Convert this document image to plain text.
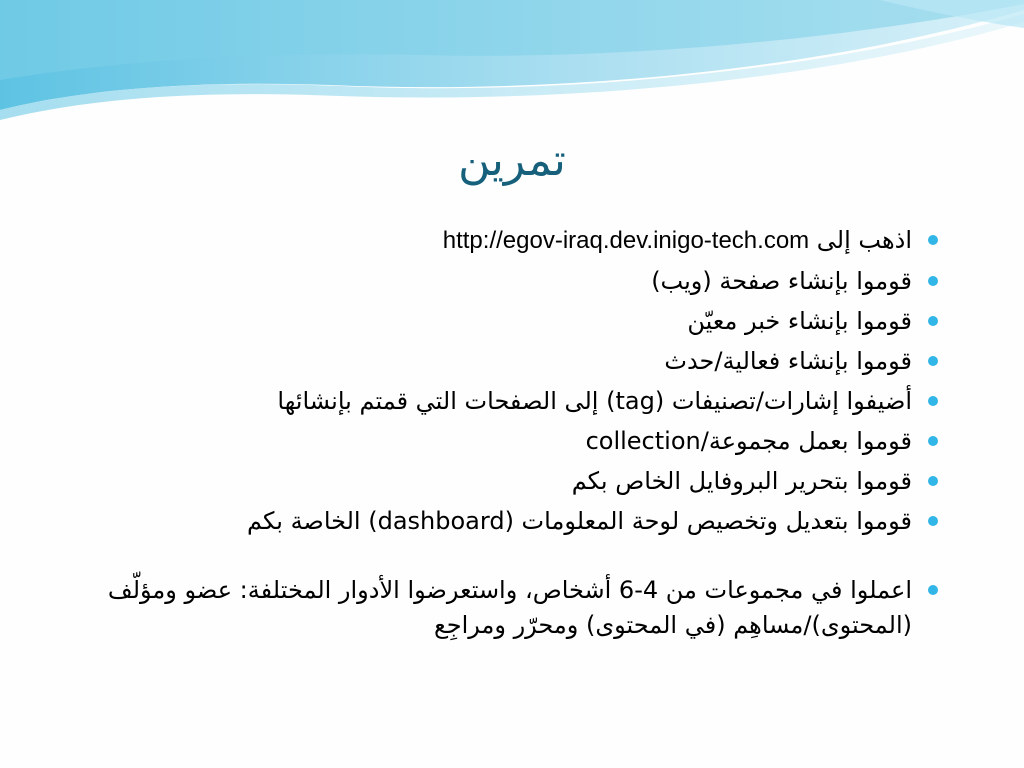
تمرين
اذهب إلى http://egov-iraq.dev.inigo-tech.com
قوموا بإنشاء صفحة (ويب)
قوموا بإنشاء خبر معيّن
قوموا بإنشاء فعالية/حدث
أضيفوا إشارات/تصنيفات (tag) إلى الصفحات التي قمتم بإنشائها
قوموا بعمل مجموعة/collection
قوموا بتحرير البروفايل الخاص بكم
قوموا بتعديل وتخصيص لوحة المعلومات (dashboard) الخاصة بكم
اعملوا في مجموعات من 4-6 أشخاص، واستعرضوا الأدوار المختلفة: عضو ومؤلّف (المحتوى)/مساهِم (في المحتوى) ومحرّر ومراجِع
